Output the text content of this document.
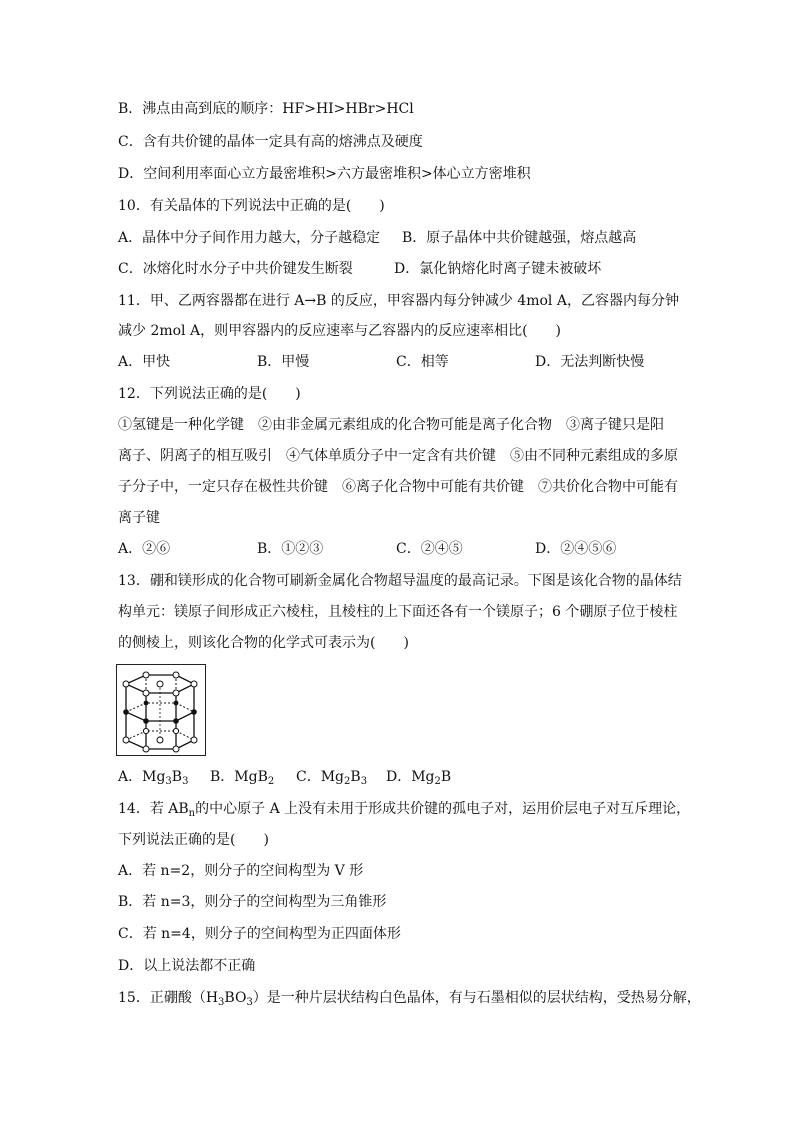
B．沸点由高到底的顺序：HF>HI>HBr>HCl
C．含有共价键的晶体一定具有高的熔沸点及硬度
D．空间利用率面心立方最密堆积>六方最密堆积>体心立方密堆积
10．有关晶体的下列说法中正确的是(　　)
A．晶体中分子间作用力越大，分子越稳定 B．原子晶体中共价键越强，熔点越高
C．冰熔化时水分子中共价键发生断裂	D．氯化钠熔化时离子键未被破坏
11．甲、乙两容器都在进行 A→B 的反应，甲容器内每分钟减少 4mol A，乙容器内每分钟
减少 2mol A，则甲容器内的反应速率与乙容器内的反应速率相比(　　)
A．甲快	B．甲慢	C．相等	D．无法判断快慢
12．下列说法正确的是(　　)
①氢键是一种化学键　②由非金属元素组成的化合物可能是离子化合物　③离子键只是阳
离子、阴离子的相互吸引　④气体单质分子中一定含有共价键　⑤由不同种元素组成的多原
子分子中，一定只存在极性共价键　⑥离子化合物中可能有共价键　⑦共价化合物中可能有
离子键
A．②⑥	B．①②③	C．②④⑤	D．②④⑤⑥
13．硼和镁形成的化合物可刷新金属化合物超导温度的最高记录。下图是该化合物的晶体结
构单元：镁原子间形成正六棱柱，且棱柱的上下面还各有一个镁原子；6 个硼原子位于棱柱
的侧棱上，则该化合物的化学式可表示为(　　)
A．$Mg_3B_3$ B．MgB$_2$ C．$Mg_2B_3$ D．$Mg_2B$
14．若 $AB_n$的中心原子 A 上没有未用于形成共价键的孤电子对，运用价层电子对互斥理论，
下列说法正确的是(　　)
A．若 n=2，则分子的空间构型为 V 形
B．若 n=3，则分子的空间构型为三角锥形
C．若 n=4，则分子的空间构型为正四面体形
D．以上说法都不正确
15．正硼酸$(H_3BO_3)$是一种片层状结构白色晶体，有与石墨相似的层状结构，受热易分解，
